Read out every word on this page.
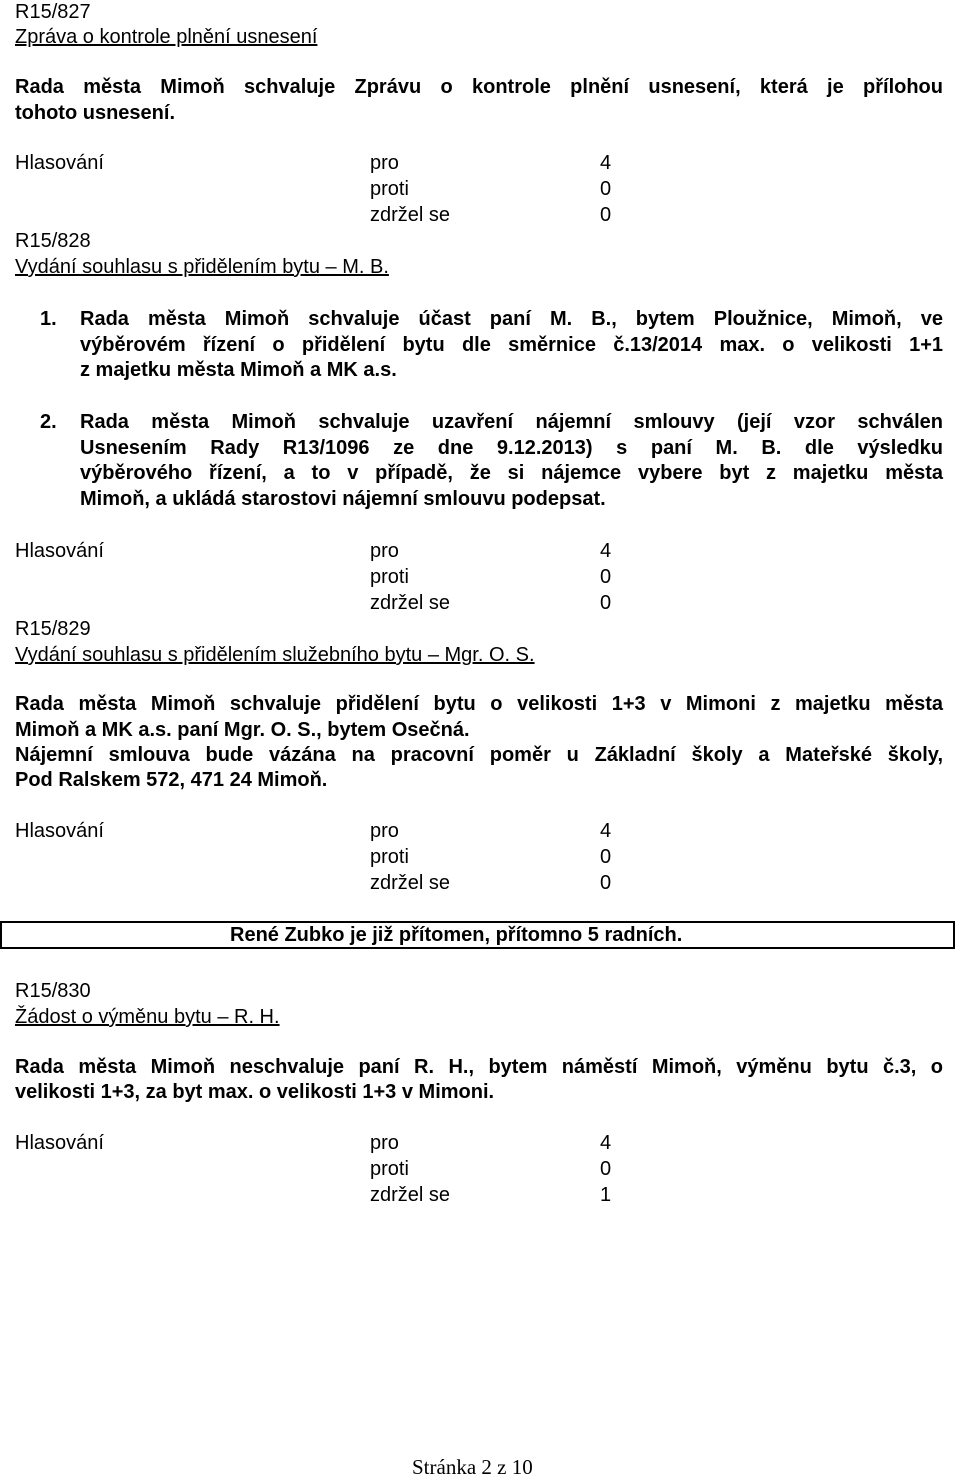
R15/827
Zpráva o kontrole plnění usnesení
Rada města Mimoň schvaluje Zprávu o kontrole plnění usnesení, která je přílohou
tohoto usnesení.
Hlasování	pro	4
proti	0
zdržel se	0
R15/828
Vydání souhlasu s přidělením bytu – M. B.
1. Rada města Mimoň schvaluje účast paní M. B., bytem Ploužnice, Mimoň, ve
výběrovém řízení o přidělení bytu dle směrnice č.13/2014 max. o velikosti 1+1
z majetku města Mimoň a MK a.s.
2. Rada města Mimoň schvaluje uzavření nájemní smlouvy (její vzor schválen
Usnesením Rady R13/1096 ze dne 9.12.2013) s paní M. B. dle výsledku
výběrového řízení, a to v případě, že si nájemce vybere byt z majetku města
Mimoň, a ukládá starostovi nájemní smlouvu podepsat.
Hlasování	pro	4
proti	0
zdržel se	0
R15/829
Vydání souhlasu s přidělením služebního bytu – Mgr. O. S.
Rada města Mimoň schvaluje přidělení bytu o velikosti 1+3 v Mimoni z majetku města
Mimoň a MK a.s. paní Mgr. O. S., bytem Osečná.
Nájemní smlouva bude vázána na pracovní poměr u Základní školy a Mateřské školy,
Pod Ralskem 572, 471 24 Mimoň.
Hlasování	pro	4
proti	0
zdržel se	0
René Zubko je již přítomen, přítomno 5 radních.
R15/830
Žádost o výměnu bytu – R. H.
Rada města Mimoň neschvaluje paní R. H., bytem náměstí Mimoň, výměnu bytu č.3, o
velikosti 1+3, za byt max. o velikosti 1+3 v Mimoni.
Hlasování	pro	4
proti	0
zdržel se	1
Stránka 2 z 10
